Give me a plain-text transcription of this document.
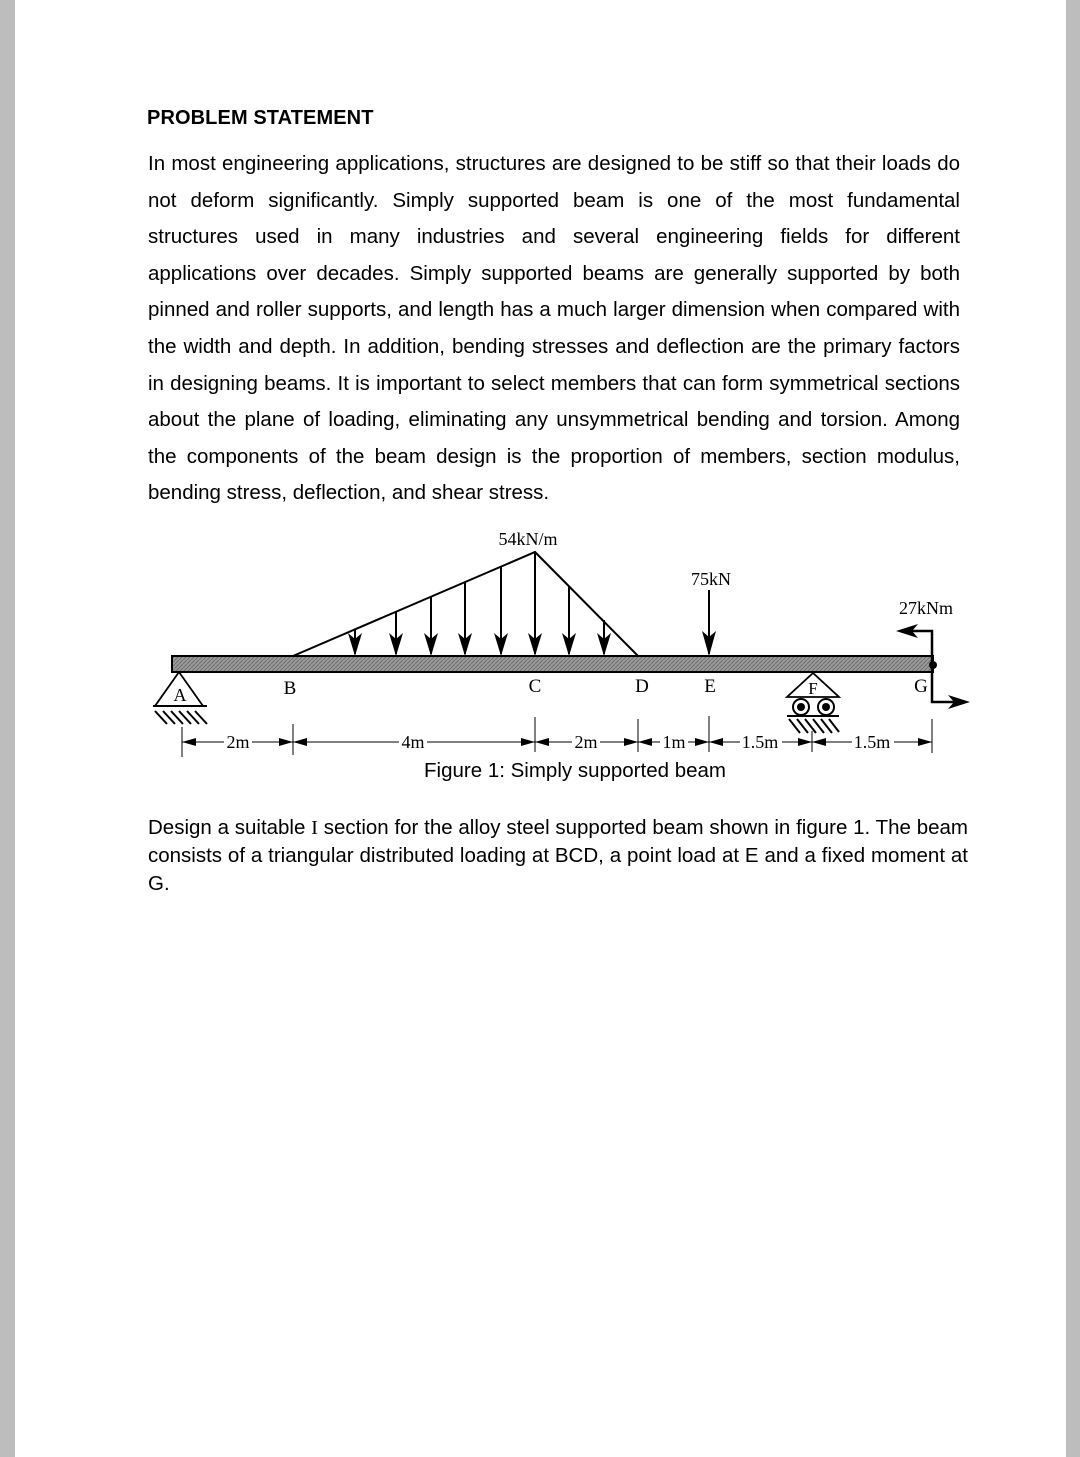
PROBLEM STATEMENT

In most engineering applications, structures are designed to be stiff so that their loads do not deform significantly. Simply supported beam is one of the most fundamental structures used in many industries and several engineering fields for different applications over decades. Simply supported beams are generally supported by both pinned and roller supports, and length has a much larger dimension when compared with the width and depth. In addition, bending stresses and deflection are the primary factors in designing beams. It is important to select members that can form symmetrical sections about the plane of loading, eliminating any unsymmetrical bending and torsion. Among the components of the beam design is the proportion of members, section modulus, bending stress, deflection, and shear stress.

54kN/m
75kN
27kNm
A	F
B	C	D	E	G
2m	4m	2m	1m	1.5m	1.5m
Figure 1: Simply supported beam

Design a suitable I section for the alloy steel supported beam shown in figure 1. The beam consists of a triangular distributed loading at BCD, a point load at E and a fixed moment at G.
